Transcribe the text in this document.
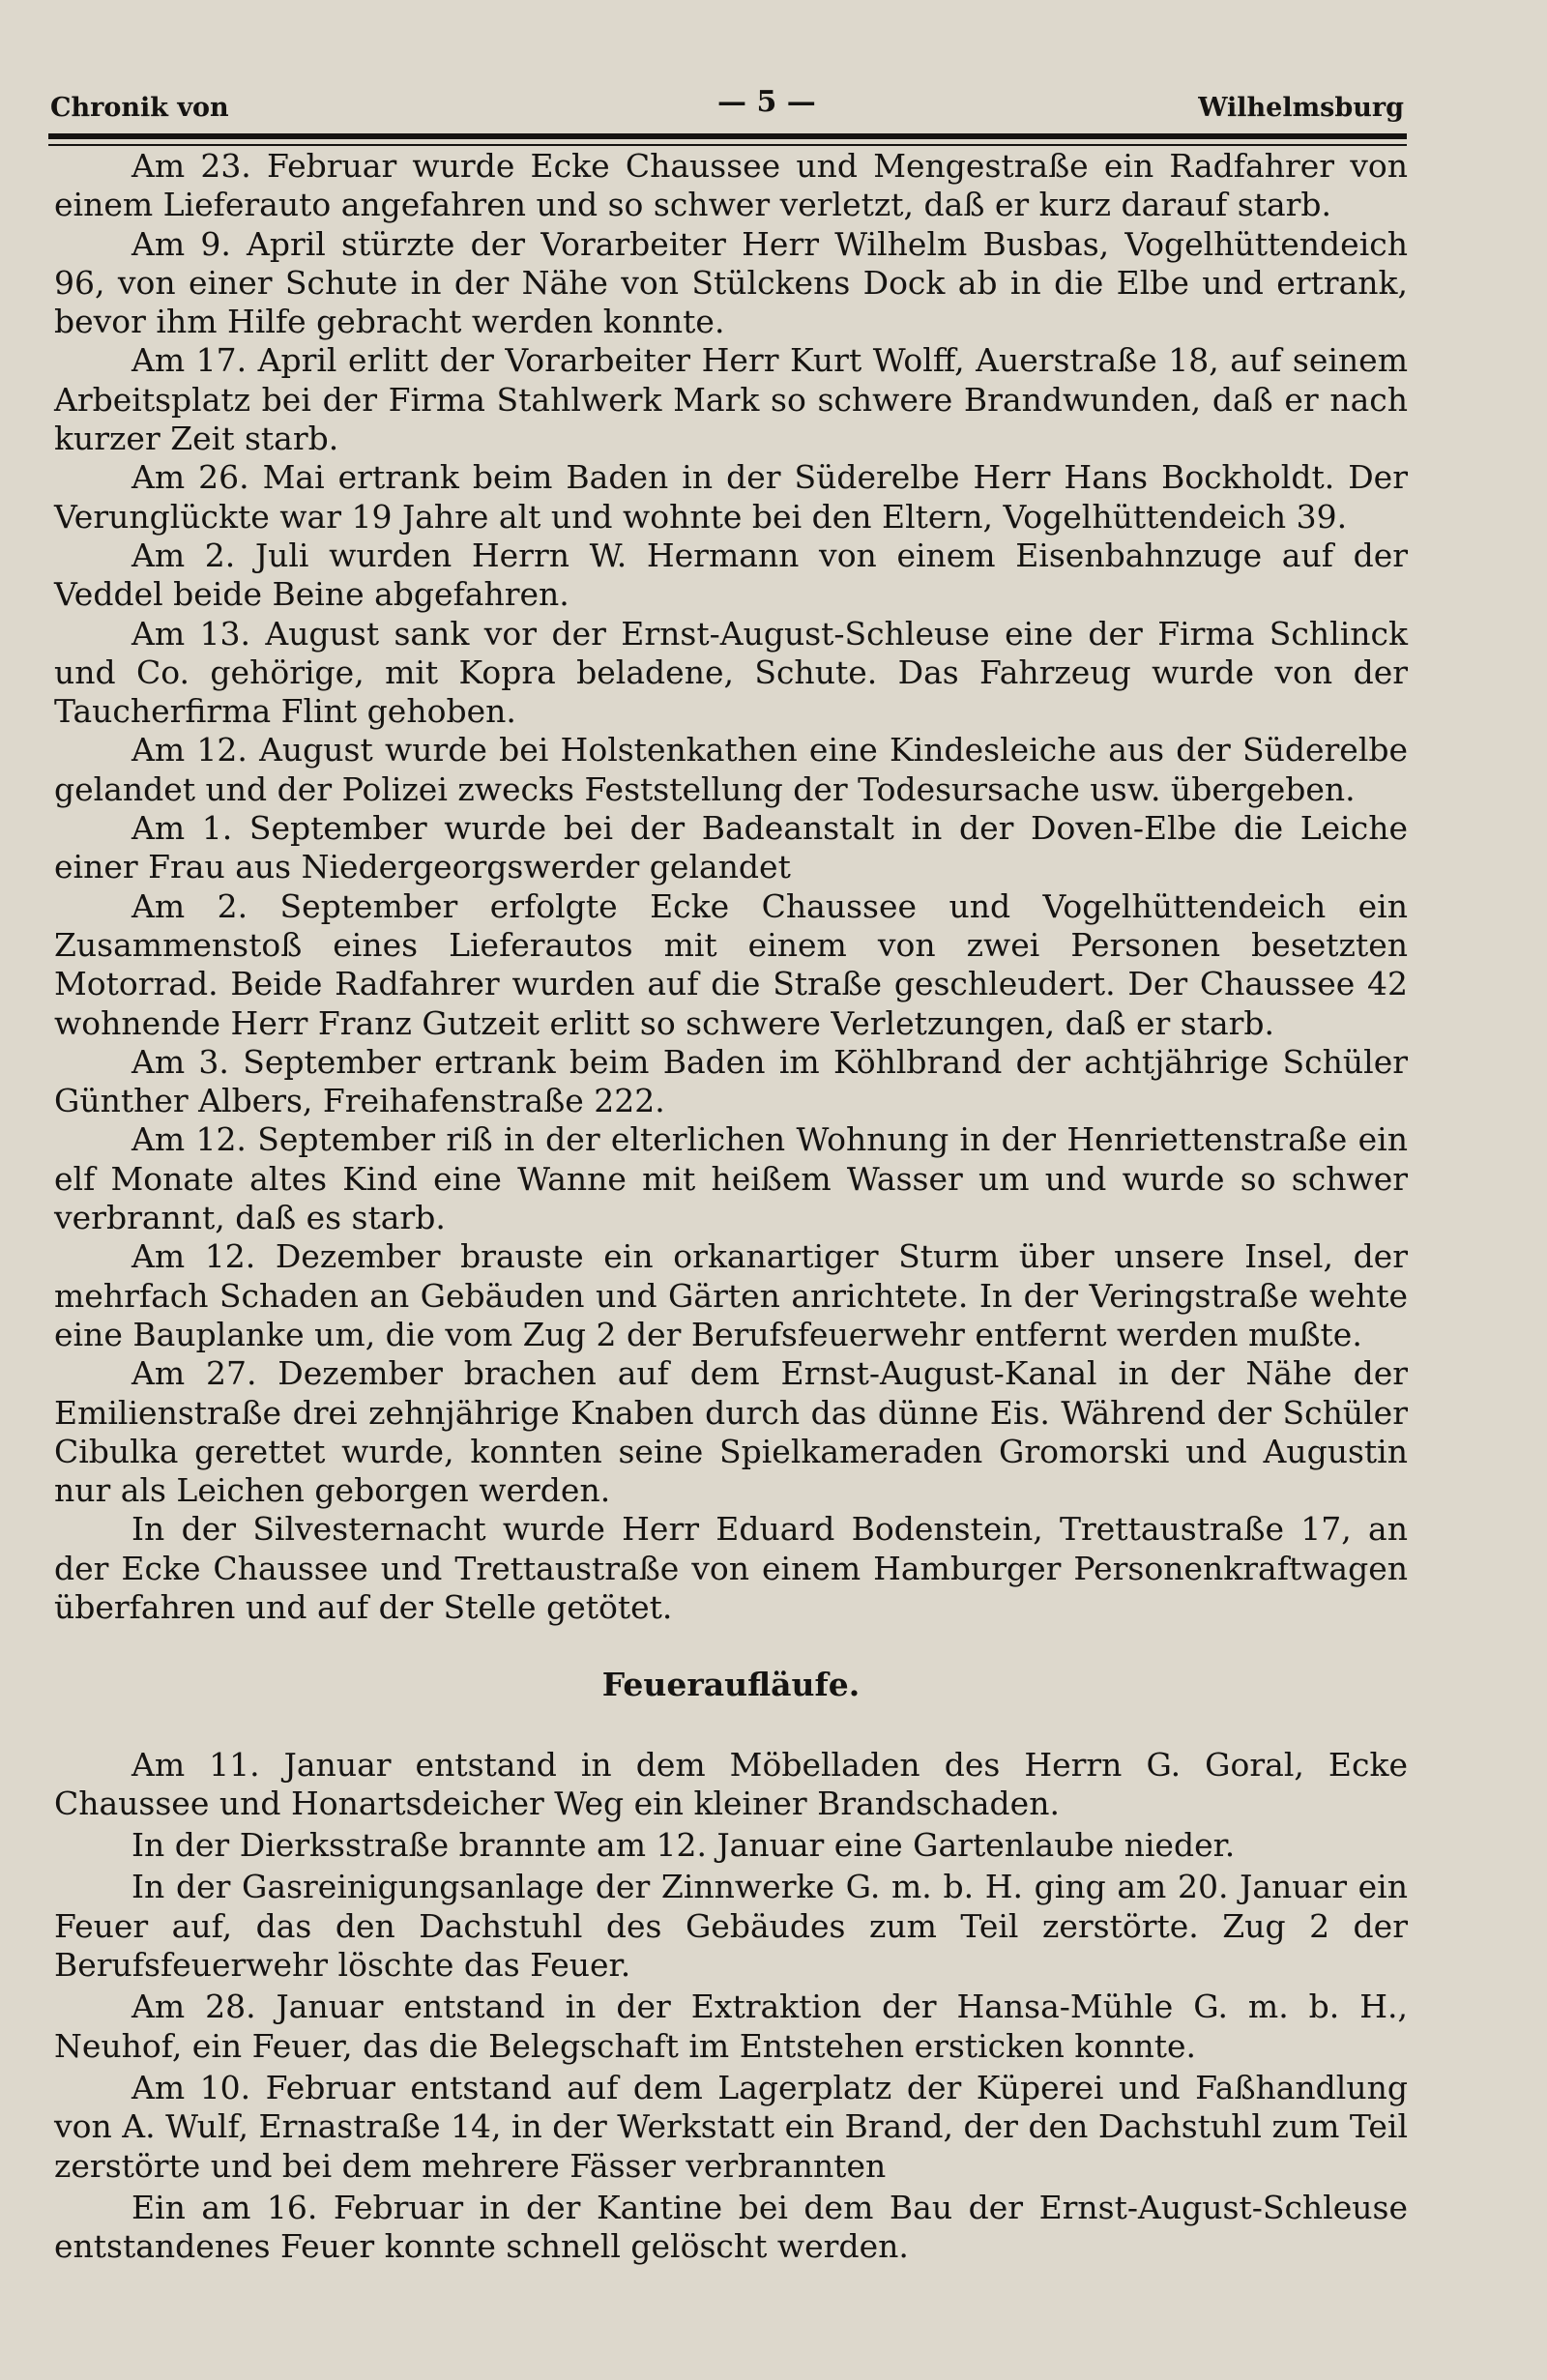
Chronik von	— 5 —	Wilhelmsburg

Am 23. Februar wurde Ecke Chaussee und Mengestraße ein Radfahrer von einem Lieferauto angefahren und so schwer verletzt, daß er kurz darauf starb.

Am 9. April stürzte der Vorarbeiter Herr Wilhelm Busbas, Vogelhüttendeich 96, von einer Schute in der Nähe von Stülckens Dock ab in die Elbe und ertrank, bevor ihm Hilfe gebracht werden konnte.

Am 17. April erlitt der Vorarbeiter Herr Kurt Wolff, Auerstraße 18, auf seinem Arbeitsplatz bei der Firma Stahlwerk Mark so schwere Brandwunden, daß er nach kurzer Zeit starb.

Am 26. Mai ertrank beim Baden in der Süderelbe Herr Hans Bockholdt. Der Verunglückte war 19 Jahre alt und wohnte bei den Eltern, Vogelhüttendeich 39.

Am 2. Juli wurden Herrn W. Hermann von einem Eisenbahnzuge auf der Veddel beide Beine abgefahren.

Am 13. August sank vor der Ernst-August-Schleuse eine der Firma Schlinck und Co. gehörige, mit Kopra beladene, Schute. Das Fahrzeug wurde von der Taucherfirma Flint gehoben.

Am 12. August wurde bei Holstenkathen eine Kindesleiche aus der Süderelbe gelandet und der Polizei zwecks Feststellung der Todesursache usw. übergeben.

Am 1. September wurde bei der Badeanstalt in der Doven-Elbe die Leiche einer Frau aus Niedergeorgswerder gelandet

Am 2. September erfolgte Ecke Chaussee und Vogelhüttendeich ein Zusammenstoß eines Lieferautos mit einem von zwei Personen besetzten Motorrad. Beide Radfahrer wurden auf die Straße geschleudert. Der Chaussee 42 wohnende Herr Franz Gutzeit erlitt so schwere Verletzungen, daß er starb.

Am 3. September ertrank beim Baden im Köhlbrand der achtjährige Schüler Günther Albers, Freihafenstraße 222.

Am 12. September riß in der elterlichen Wohnung in der Henriettenstraße ein elf Monate altes Kind eine Wanne mit heißem Wasser um und wurde so schwer verbrannt, daß es starb.

Am 12. Dezember brauste ein orkanartiger Sturm über unsere Insel, der mehrfach Schaden an Gebäuden und Gärten anrichtete. In der Veringstraße wehte eine Bauplanke um, die vom Zug 2 der Berufsfeuerwehr entfernt werden mußte.

Am 27. Dezember brachen auf dem Ernst-August-Kanal in der Nähe der Emilienstraße drei zehnjährige Knaben durch das dünne Eis. Während der Schüler Cibulka gerettet wurde, konnten seine Spielkameraden Gromorski und Augustin nur als Leichen geborgen werden.

In der Silvesternacht wurde Herr Eduard Bodenstein, Trettaustraße 17, an der Ecke Chaussee und Trettaustraße von einem Hamburger Personenkraftwagen überfahren und auf der Stelle getötet.

Feueraufläufe.

Am 11. Januar entstand in dem Möbelladen des Herrn G. Goral, Ecke Chaussee und Honartsdeicher Weg ein kleiner Brandschaden.

In der Dierksstraße brannte am 12. Januar eine Gartenlaube nieder.

In der Gasreinigungsanlage der Zinnwerke G. m. b. H. ging am 20. Januar ein Feuer auf, das den Dachstuhl des Gebäudes zum Teil zerstörte. Zug 2 der Berufsfeuerwehr löschte das Feuer.

Am 28. Januar entstand in der Extraktion der Hansa-Mühle G. m. b. H., Neuhof, ein Feuer, das die Belegschaft im Entstehen ersticken konnte.

Am 10. Februar entstand auf dem Lagerplatz der Küperei und Faßhandlung von A. Wulf, Ernastraße 14, in der Werkstatt ein Brand, der den Dachstuhl zum Teil zerstörte und bei dem mehrere Fässer verbrannten

Ein am 16. Februar in der Kantine bei dem Bau der Ernst-August-Schleuse entstandenes Feuer konnte schnell gelöscht werden.
